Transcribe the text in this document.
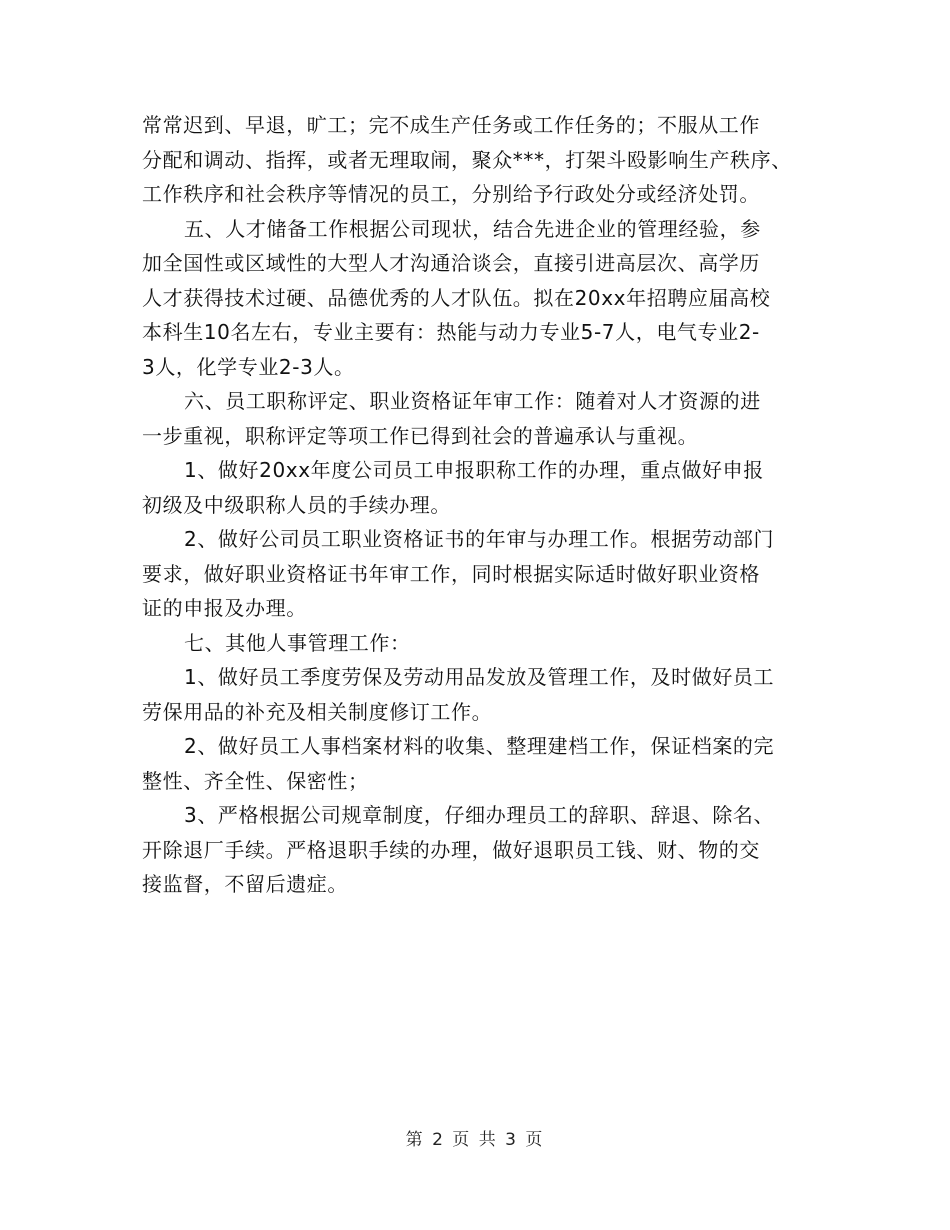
常常迟到、早退，旷工；完不成生产任务或工作任务的；不服从工作
分配和调动、指挥，或者无理取闹，聚众***，打架斗殴影响生产秩序、
工作秩序和社会秩序等情况的员工，分别给予行政处分或经济处罚。
五、人才储备工作根据公司现状，结合先进企业的管理经验，参
加全国性或区域性的大型人才沟通洽谈会，直接引进高层次、高学历
人才获得技术过硬、品德优秀的人才队伍。拟在20xx年招聘应届高校
本科生10名左右，专业主要有：热能与动力专业5-7人，电气专业2-
3人，化学专业2-3人。
六、员工职称评定、职业资格证年审工作：随着对人才资源的进
一步重视，职称评定等项工作已得到社会的普遍承认与重视。
1、做好20xx年度公司员工申报职称工作的办理，重点做好申报
初级及中级职称人员的手续办理。
2、做好公司员工职业资格证书的年审与办理工作。根据劳动部门
要求，做好职业资格证书年审工作，同时根据实际适时做好职业资格
证的申报及办理。
七、其他人事管理工作：
1、做好员工季度劳保及劳动用品发放及管理工作，及时做好员工
劳保用品的补充及相关制度修订工作。
2、做好员工人事档案材料的收集、整理建档工作，保证档案的完
整性、齐全性、保密性；
3、严格根据公司规章制度，仔细办理员工的辞职、辞退、除名、
开除退厂手续。严格退职手续的办理，做好退职员工钱、财、物的交
接监督，不留后遗症。
第 2 页 共 3 页
